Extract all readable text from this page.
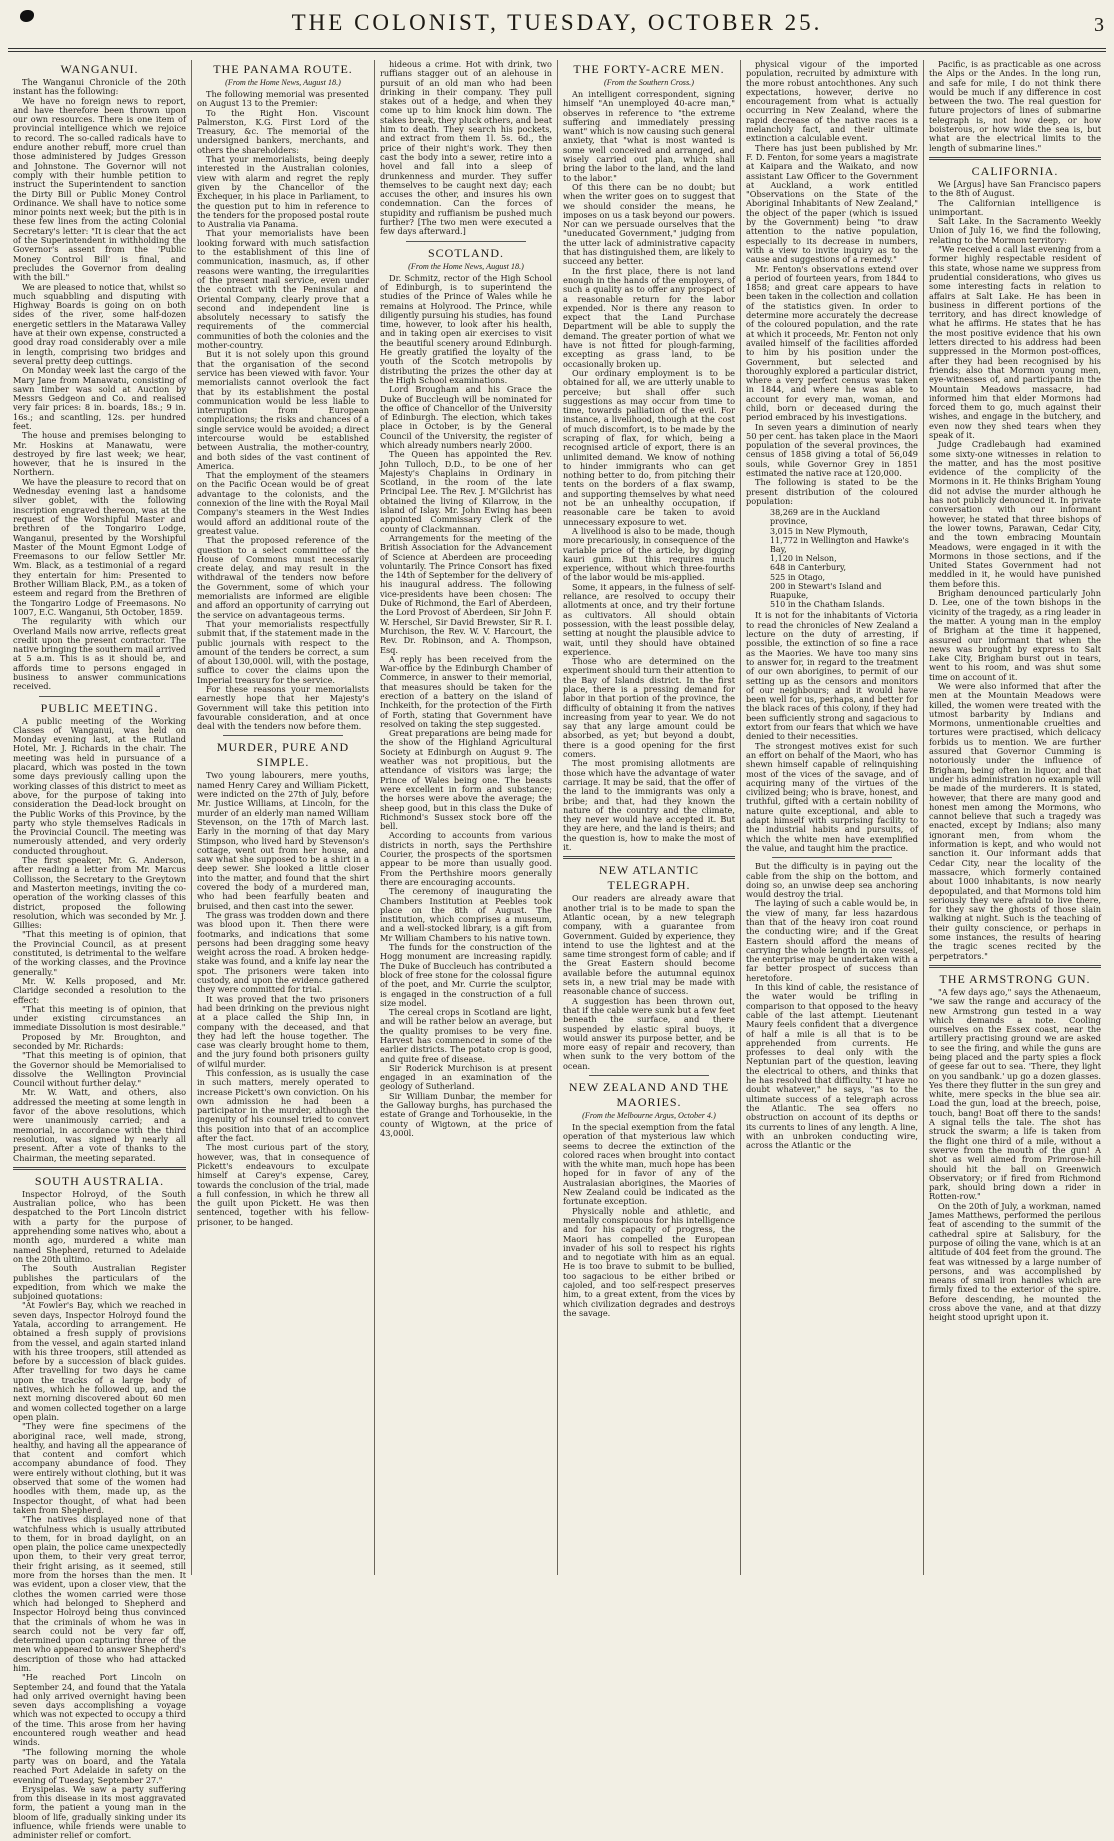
THE COLONIST, TUESDAY, OCTOBER 25.	3
WANGANUI.

The Wanganui Chronicle of the 20th instant has the following:

We have no foreign news to report, and have therefore been thrown upon our own resources. There is one item of provincial intelligence which we rejoice to record. The so-called radicals have to endure another rebuff, more cruel than those administered by Judges Gresson and Johnstone. The Governor will not comply with their humble petition to instruct the Superintendent to sanction the Dirty Bill or Public Money Control Ordinance. We shall have to notice some minor points next week; but the pith is in these few lines from the acting Colonial Secretary's letter: "It is clear that the act of the Superintendent in withholding the Governor's assent from the 'Public Money Control Bill' is final, and precludes the Governor from dealing with the bill."

We are pleased to notice that, whilst so much squabbling and disputing with Highway Boards is going on on both sides of the river, some half-dozen energetic settlers in the Matarawa Valley have at their own expense, constructed a good dray road considerably over a mile in length, comprising two bridges and several pretty deep cuttings.

On Monday week last the cargo of the Mary Jane from Manawatu, consisting of sawn timber was sold at Auction by Messrs Gedgeon and Co. and realised very fair prices: 8 in. boards, 18s.; 9 in. 16s.; and scantling, 12s. per hundred feet.

The house and premises belonging to Mr. Hoskins at Manawatu, were destroyed by fire last week; we hear, however, that he is insured in the Northern.

We have the pleasure to record that on Wednesday evening last a handsome silver goblet, with the following inscription engraved thereon, was at the request of the Worshipful Master and brethren of the Tongariro Lodge, Wanganui, presented by the Worshipful Master of the Mount Egmont Lodge of Freemasons to our fellow Settler Mr. Wm. Black, as a testimonial of a regard they entertain for him: Presented to Brother William Black, P.M., as a token of esteem and regard from the Brethren of the Tongariro Lodge of Freemasons. No 1007, E.C. Wanganui, 5th October, 1859.

The regularity with which our Overland Mails now arrive, reflects great credit upon the present contractor. The native bringing the southern mail arrived at 5 a.m. This is as it should be, and affords time to persons engaged in business to answer communications received.

PUBLIC MEETING.

A public meeting of the Working Classes of Wanganui, was held on Monday evening last, at the Rutland Hotel, Mr. J. Richards in the chair. The meeting was held in pursuance of a placard, which was posted in the town some days previously calling upon the working classes of this district to meet as above, for the purpose of taking into consideration the Dead-lock brought on the Public Works of this Province, by the party who style themselves Radicals in the Provincial Council. The meeting was numerously attended, and very orderly conducted throughout.

The first speaker, Mr. G. Anderson, after reading a letter from Mr. Marcus Collisson, the Secretary to the Greytown and Masterton meetings, inviting the co-operation of the working classes of this district, proposed the following resolution, which was seconded by Mr. J. Gillies:

"That this meeting is of opinion, that the Provincial Council, as at present constituted, is detrimental to the welfare of the working classes, and the Province generally."

Mr. W. Kells proposed, and Mr. Claridge seconded a resolution to the effect:

"That this meeting is of opinion, that under existing circumstances an immediate Dissolution is most desirable."

Proposed by Mr. Broughton, and seconded by Mr. Richards:

"That this meeting is of opinion, that the Governor should be Memorialised to dissolve the Wellington Provincial Council without further delay."

Mr. W. Watt, and others, also addressed the meeting at some length in favor of the above resolutions, which were unanimously carried; and a memorial, in accordance with the third resolution, was signed by nearly all present. After a vote of thanks to the Chairman, the meeting separated.

SOUTH AUSTRALIA.

Inspector Holroyd, of the South Australian police, who has been despatched to the Port Lincoln district with a party for the purpose of apprehending some natives who, about a month ago, murdered a white man named Shepherd, returned to Adelaide on the 20th ultimo.

The South Australian Register publishes the particulars of the expedition, from which we make the subjoined quotations:

"At Fowler's Bay, which we reached in seven days, Inspector Holroyd found the Yatala, according to arrangement. He obtained a fresh supply of provisions from the vessel, and again started inland with his three troopers, still attended as before by a succession of black guides. After travelling for two days he came upon the tracks of a large body of natives, which he followed up, and the next morning discovered about 60 men and women collected together on a large open plain.

"They were fine specimens of the aboriginal race, well made, strong, healthy, and having all the appearance of that content and comfort which accompany abundance of food. They were entirely without clothing, but it was observed that some of the women had hoodles with them, made up, as the Inspector thought, of what had been taken from Shepherd.

"The natives displayed none of that watchfulness which is usually attributed to them, for in broad daylight, on an open plain, the police came unexpectedly upon them, to their very great terror, their fright arising, as it seemed, still more from the horses than the men. It was evident, upon a closer view, that the clothes the women carried were those which had belonged to Shepherd and Inspector Holroyd being thus convinced that the criminals of whom he was in search could not be very far off, determined upon capturing three of the men who appeared to answer Shepherd's description of those who had attacked him.

"He reached Port Lincoln on September 24, and found that the Yatala had only arrived overnight having been seven days accomplishing a voyage which was not expected to occupy a third of the time. This arose from her having encountered rough weather and head winds.

"The following morning the whole party was on board, and the Yatala reached Port Adelaide in safety on the evening of Tuesday, September 27."

Erysipelas. We saw a party suffering from this disease in its most aggravated form, the patient a young man in the bloom of life, gradually sinking under its influence, while friends were unable to administer relief or comfort.

THE PANAMA ROUTE.
(From the Home News, August 18.)

The following memorial was presented on August 13 to the Premier:

To the Right Hon. Viscount Palmerston, K.G. First Lord of the Treasury, &c. The memorial of the undersigned bankers, merchants, and others the shareholders:

That your memorialists, being deeply interested in the Australian colonies, view with alarm and regret the reply given by the Chancellor of the Exchequer, in his place in Parliament, to the question put to him in reference to the tenders for the proposed postal route to Australia via Panama.

That your memorialists have been looking forward with much satisfaction to the establishment of this line of communication, inasmuch, as, if other reasons were wanting, the irregularities of the present mail service, even under the contract with the Peninsular and Oriental Company, clearly prove that a second and independent line is absolutely necessary to satisfy the requirements of the commercial communities of both the colonies and the mother-country.

But it is not solely upon this ground that the organisation of the second service has been viewed with favor. Your memorialists cannot overlook the fact that by its establishment the postal communication would be less liable to interruption from European complications; the risks and chances of a single service would be avoided; a direct intercourse would be established between Australia, the mother-country, and both sides of the vast continent of America.

That the employment of the steamers on the Pacific Ocean would be of great advantage to the colonists, and the connexion of the line with the Royal Mail Company's steamers in the West Indies would afford an additional route of the greatest value.

That the proposed reference of the question to a select committee of the House of Commons must necessarily create delay, and may result in the withdrawal of the tenders now before the Government, some of which your memorialists are informed are eligible and afford an opportunity of carrying out the service on advantageous terms.

That your memorialists respectfully submit that, if the statement made in the public journals with respect to the amount of the tenders be correct, a sum of about 130,000l. will, with the postage, suffice to cover the claims upon the Imperial treasury for the service.

For these reasons your memorialists earnestly hope that her Majesty's Government will take this petition into favourable consideration, and at once deal with the tenders now before them.

MURDER, PURE AND SIMPLE.

Two young labourers, mere youths, named Henry Carey and William Pickett, were indicted on the 27th of July, before Mr. Justice Williams, at Lincoln, for the murder of an elderly man named William Stevenson, on the 17th of March last. Early in the morning of that day Mary Stimpson, who lived hard by Stevenson's cottage, went out from her house, and saw what she supposed to be a shirt in a deep sewer. She looked a little closer into the matter, and found that the shirt covered the body of a murdered man, who had been fearfully beaten and bruised, and then cast into the sewer.

The grass was trodden down and there was blood upon it. Then there were footmarks, and indications that some persons had been dragging some heavy weight across the road. A broken hedge-stake was found, and a knife lay near the spot. The prisoners were taken into custody, and upon the evidence gathered they were committed for trial.

It was proved that the two prisoners had been drinking on the previous night at a place called the Ship Inn, in company with the deceased, and that they had left the house together. The case was clearly brought home to them, and the jury found both prisoners guilty of wilful murder.

This confession, as is usually the case in such matters, merely operated to increase Pickett's own conviction. On his own admission he had been a participator in the murder, although the ingenuity of his counsel tried to convert this position into that of an accomplice after the fact.

The most curious part of the story, however, was, that in consequence of Pickett's endeavours to exculpate himself at Carey's expense, Carey, towards the conclusion of the trial, made a full confession, in which he threw all the guilt upon Pickett. He was then sentenced, together with his fellow-prisoner, to be hanged.

hideous a crime. Hot with drink, two ruffians stagger out of an alehouse in pursuit of an old man who had been drinking in their company. They pull stakes out of a hedge, and when they come up to him knock him down. The stakes break, they pluck others, and beat him to death. They search his pockets, and extract from them 1l. 5s. 6d., the price of their night's work. They then cast the body into a sewer, retire into a hovel and fall into a sleep of drunkenness and murder. They suffer themselves to be caught next day; each accuses the other, and insures his own condemnation. Can the forces of stupidity and ruffianism be pushed much further? [The two men were executed a few days afterward.]

SCOTLAND.
(From the Home News, August 18.)

Dr. Schmitz, rector of the High School of Edinburgh, is to superintend the studies of the Prince of Wales while he remains at Holyrood. The Prince, while diligently pursuing his studies, has found time, however, to look after his health, and in taking open air exercises to visit the beautiful scenery around Edinburgh. He greatly gratified the loyalty of the youth of the Scotch metropolis by distributing the prizes the other day at the High School examinations.

Lord Brougham and his Grace the Duke of Buccleugh will be nominated for the office of Chancellor of the University of Edinburgh. The election, which takes place in October, is by the General Council of the University, the register of which already numbers nearly 2000.

The Queen has appointed the Rev. John Tulloch, D.D., to be one of her Majesty's Chaplains in Ordinary in Scotland, in the room of the late Principal Lee. The Rev. J. M'Gilchrist has obtained the living of Kilarrow, in the island of Islay. Mr. John Ewing has been appointed Commissary Clerk of the county of Clackmannan.

Arrangements for the meeting of the British Association for the Advancement of Science at Aberdeen are proceeding voluntarily. The Prince Consort has fixed the 14th of September for the delivery of his inaugural address. The following vice-presidents have been chosen: The Duke of Richmond, the Earl of Aberdeen, the Lord Provost of Aberdeen, Sir John F. W. Herschel, Sir David Brewster, Sir R. I. Murchison, the Rev. W. V. Harcourt, the Rev. Dr. Robinson, and A. Thompson, Esq.

A reply has been received from the War-office by the Edinburgh Chamber of Commerce, in answer to their memorial, that measures should be taken for the erection of a battery on the island of Inchkeith, for the protection of the Firth of Forth, stating that Government have resolved on taking the step suggested.

Great preparations are being made for the show of the Highland Agricultural Society at Edinburgh on August 9. The weather was not propitious, but the attendance of visitors was large; the Prince of Wales being one. The beasts were excellent in form and substance; the horses were above the average; the sheep good, but in this class the Duke of Richmond's Sussex stock bore off the bell.

According to accounts from various districts in north, says the Perthshire Courier, the prospects of the sportsmen appear to be more than usually good. From the Perthshire moors generally there are encouraging accounts.

The ceremony of inaugurating the Chambers Institution at Peebles took place on the 8th of August. The institution, which comprises a museum, and a well-stocked library, is a gift from Mr William Chambers to his native town.

The funds for the construction of the Hogg monument are increasing rapidly. The Duke of Buccleuch has contributed a block of free stone for the colossal figure of the poet, and Mr. Currie the sculptor, is engaged in the construction of a full size model.

The cereal crops in Scotland are light, and will be rather below an average, but the quality promises to be very fine. Harvest has commenced in some of the earlier districts. The potato crop is good, and quite free of disease.

Sir Roderick Murchison is at present engaged in an examination of the geology of Sutherland.

Sir William Dunbar, the member for the Galloway burghs, has purchased the estate of Grange and Torhousekie, in the county of Wigtown, at the price of 43,000l.

THE FORTY-ACRE MEN.
(From the Southern Cross.)

An intelligent correspondent, signing himself "An unemployed 40-acre man," observes in reference to "the extreme suffering and immediately pressing want" which is now causing such general anxiety, that "what is most wanted is some well conceived and arranged, and wisely carried out plan, which shall bring the labor to the land, and the land to the labor."

Of this there can be no doubt; but when the writer goes on to suggest that we should consider the means, he imposes on us a task beyond our powers. Nor can we persuade ourselves that the "uneducated Government," judging from the utter lack of administrative capacity that has distinguished them, are likely to succeed any better.

In the first place, there is not land enough in the hands of the employers, of such a quality as to offer any prospect of a reasonable return for the labor expended. Nor is there any reason to expect that the Land Purchase Department will be able to supply the demand. The greater portion of what we have is not fitted for plough-farming, excepting as grass land, to be occasionally broken up.

Our ordinary employment is to be obtained for all, we are utterly unable to perceive; but shall offer such suggestions as may occur from time to time, towards palliation of the evil. For instance, a livelihood, though at the cost of much discomfort, is to be made by the scraping of flax, for which, being a recognised article of export, there is an unlimited demand. We know of nothing to hinder immigrants who can get nothing better to do, from pitching their tents on the borders of a flax swamp, and supporting themselves by what need not be an unhealthy occupation, if reasonable care be taken to avoid unnecessary exposure to wet.

A livelihood is also to be made, though more precariously, in consequence of the variable price of the article, by digging kauri gum. But this requires much experience, without which three-fourths of the labor would be mis-applied.

Some, it appears, in the fulness of self-reliance, are resolved to occupy their allotments at once, and try their fortune as cultivators. All should obtain possession, with the least possible delay, setting at nought the plausible advice to wait, until they should have obtained experience.

Those who are determined on the experiment should turn their attention to the Bay of Islands district. In the first place, there is a pressing demand for labor in that portion of the province, the difficulty of obtaining it from the natives increasing from year to year. We do not say that any large amount could be absorbed, as yet; but beyond a doubt, there is a good opening for the first comers.

The most promising allotments are those which have the advantage of water carriage. It may be said, that the offer of the land to the immigrants was only a bribe; and that, had they known the nature of the country and the climate, they never would have accepted it. But they are here, and the land is theirs; and the question is, how to make the most of it.

NEW ATLANTIC TELEGRAPH.

Our readers are already aware that another trial is to be made to span the Atlantic ocean, by a new telegraph company, with a guarantee from Government. Guided by experience, they intend to use the lightest and at the same time strongest form of cable; and if the Great Eastern should become available before the autumnal equinox sets in, a new trial may be made with reasonable chance of success.

A suggestion has been thrown out, that if the cable were sunk but a few feet beneath the surface, and there suspended by elastic spiral buoys, it would answer its purpose better, and be more easy of repair and recovery, than when sunk to the very bottom of the ocean.

NEW ZEALAND AND THE MAORIES.
(From the Melbourne Argus, October 4.)

In the special exemption from the fatal operation of that mysterious law which seems to decree the extinction of the colored races when brought into contact with the white man, much hope has been hoped for in favor of any of the Australasian aborigines, the Maories of New Zealand could be indicated as the fortunate exception.

Physically noble and athletic, and mentally conspicuous for his intelligence and for his capacity of progress, the Maori has compelled the European invader of his soil to respect his rights and to negotiate with him as an equal. He is too brave to submit to be bullied, too sagacious to be either bribed or cajoled, and too self-respect preserves him, to a great extent, from the vices by which civilization degrades and destroys the savage.

physical vigour of the imported population, recruited by admixture with the more robust antochthones. Any such expectations, however, derive no encouragement from what is actually occurring in New Zealand, where the rapid decrease of the native races is a melancholy fact, and their ultimate extinction a calculable event.

There has just been published by Mr. F. D. Fenton, for some years a magistrate at Kaipara and the Waikato, and now assistant Law Officer to the Government at Auckland, a work entitled "Observations on the State of the Aboriginal Inhabitants of New Zealand," the object of the paper (which is issued by the Government) being "to draw attention to the native population, especially to its decrease in numbers, with a view to invite inquiry as to the cause and suggestions of a remedy."

Mr. Fenton's observations extend over a period of fourteen years, from 1844 to 1858; and great care appears to have been taken in the collection and collation of the statistics given. In order to determine more accurately the decrease of the coloured population, and the rate at which it proceeds, Mr. Fenton not only availed himself of the facilities afforded to him by his position under the Government, but selected and thoroughly explored a particular district, where a very perfect census was taken in 1844, and where he was able to account for every man, woman, and child, born or deceased during the period embraced by his investigations.

In seven years a diminution of nearly 50 per cent. has taken place in the Maori population of the several provinces, the census of 1858 giving a total of 56,049 souls, while Governor Grey in 1851 estimated the native race at 120,000.

The following is stated to be the present distribution of the coloured population:

38,269 are in the Auckland province,
3,015 in New Plymouth,
11,772 in Wellington and Hawke's Bay,
1,120 in Nelson,
648 in Canterbury,
525 in Otago,
200 in Stewart's Island and Ruapuke,
510 in the Chatham Islands.

It is not for the inhabitants of Victoria to read the chronicles of New Zealand a lecture on the duty of arresting, if possible, the extinction of so fine a race as the Maories. We have too many sins to answer for, in regard to the treatment of our own aborigines, to permit of our setting up as the censors and monitors of our neighbours; and it would have been well for us, perhaps, and better for the black races of this colony, if they had been sufficiently strong and sagacious to extort from our fears that which we have denied to their necessities.

The strongest motives exist for such an effort on behalf of the Maori, who has shewn himself capable of relinquishing most of the vices of the savage, and of acquiring many of the virtues of the civilized being; who is brave, honest, and truthful, gifted with a certain nobility of nature quite exceptional, and able to adapt himself with surprising facility to the industrial habits and pursuits, of which the white men have exemplified the value, and taught him the practice.

But the difficulty is in paying out the cable from the ship on the bottom, and doing so, an unwise deep sea anchoring would destroy the trial.

The laying of such a cable would be, in the view of many, far less hazardous than that of the heavy iron coat round the conducting wire; and if the Great Eastern should afford the means of carrying the whole length in one vessel, the enterprise may be undertaken with a far better prospect of success than heretofore.

In this kind of cable, the resistance of the water would be trifling in comparison to that opposed to the heavy cable of the last attempt. Lieutenant Maury feels confident that a divergence of half a mile is all that is to be apprehended from currents. He professes to deal only with the Neptunian part of the question, leaving the electrical to others, and thinks that he has resolved that difficulty. "I have no doubt whatever," he says, "as to the ultimate success of a telegraph across the Atlantic. The sea offers no obstruction on account of its depths or its currents to lines of any length. A line, with an unbroken conducting wire, across the Atlantic or the

Pacific, is as practicable as one across the Alps or the Andes. In the long run, and safe for mile, I do not think there would be much if any difference in cost between the two. The real question for future projectors of lines of submarine telegraph is, not how deep, or how boisterous, or how wide the sea is, but what are the electrical limits to the length of submarine lines."

CALIFORNIA.

We [Argus] have San Francisco papers to the 8th of August.

The Californian intelligence is unimportant.

Salt Lake. In the Sacramento Weekly Union of July 16, we find the following, relating to the Mormon territory:

"We received a call last evening from a former highly respectable resident of this state, whose name we suppress from prudential considerations, who gives us some interesting facts in relation to affairs at Salt Lake. He has been in business in different portions of the territory, and has direct knowledge of what he affirms. He states that he has the most positive evidence that his own letters directed to his address had been suppressed in the Mormon post-offices, after they had been recognised by his friends; also that Mormon young men, eye-witnesses of, and participants in the Mountain Meadows massacre, had informed him that elder Mormons had forced them to go, much against their wishes, and engage in the butchery, and even now they shed tears when they speak of it.

Judge Cradlebaugh had examined some sixty-one witnesses in relation to the matter, and has the most positive evidence of the complicity of the Mormons in it. He thinks Brigham Young did not advise the murder although he has not publicly denounced it. In private conversation with our informant however, he stated that three bishops of the lower towns, Parawan, Cedar City, and the town embracing Mountain Meadows, were engaged in it with the Mormons in those sections, and if the United States Government had not meddled in it, he would have punished them before this.

Brigham denounced particularly John D. Lee, one of the town bishops in the vicinity of the tragedy, as a ring leader in the matter. A young man in the employ of Brigham at the time it happened, assured our informant that when the news was brought by express to Salt Lake City, Brigham burst out in tears, went to his room, and was shut some time on account of it.

We were also informed that after the men at the Mountain Meadows were killed, the women were treated with the utmost barbarity by Indians and Mormons, unmentionable cruelties and tortures were practised, which delicacy forbids us to mention. We are further assured that Governor Cumming is notoriously under the influence of Brigham, being often in liquor, and that under his administration no example will be made of the murderers. It is stated, however, that there are many good and honest men among the Mormons, who cannot believe that such a tragedy was enacted, except by Indians; also many ignorant men, from whom the information is kept, and who would not sanction it. Our informant adds that Cedar City, near the locality of the massacre, which formerly contained about 1000 inhabitants, is now nearly depopulated, and that Mormons told him seriously they were afraid to live there, for they saw the ghosts of those slain walking at night. Such is the teaching of their guilty conscience, or perhaps in some instances, the results of hearing the tragic scenes recited by the perpetrators."

THE ARMSTRONG GUN.

"A few days ago," says the Athenaeum, "we saw the range and accuracy of the new Armstrong gun tested in a way which demands a note. Cooling ourselves on the Essex coast, near the artillery practising ground we are asked to see the firing, and while the guns are being placed and the party spies a flock of geese far out to sea. 'There, they light on you sandbank.' up go a dozen glasses. Yes there they flutter in the sun grey and white, mere specks in the blue sea air. Load the gun, load at the breech, poise, touch, bang! Boat off there to the sands! A signal tells the tale. The shot has struck the swarm; a life is taken from the flight one third of a mile, without a swerve from the mouth of the gun! A shot as well aimed from Primrose-hill should hit the ball on Greenwich Observatory; or if fired from Richmond park, should bring down a rider in Rotten-row."

On the 20th of July, a workman, named James Matthews, performed the perilous feat of ascending to the summit of the cathedral spire at Salisbury, for the purpose of oiling the vane, which is at an altitude of 404 feet from the ground. The feat was witnessed by a large number of persons, and was accomplished by means of small iron handles which are firmly fixed to the exterior of the spire. Before descending, he mounted the cross above the vane, and at that dizzy height stood upright upon it.
